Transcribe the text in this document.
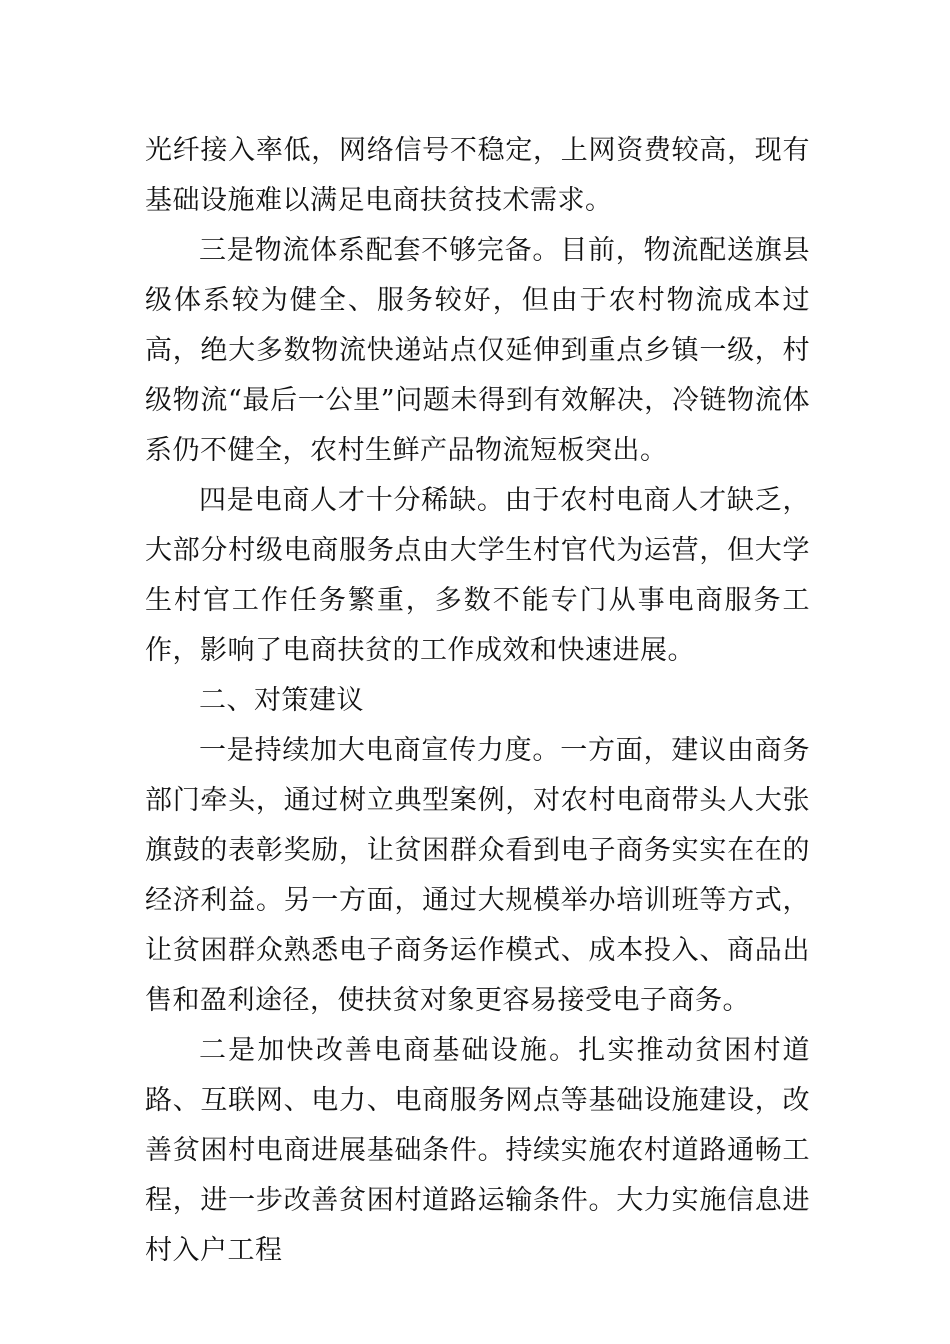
光纤接入率低，网络信号不稳定，上网资费较高，现有基础设施难以满足电商扶贫技术需求。

三是物流体系配套不够完备。目前，物流配送旗县级体系较为健全、服务较好，但由于农村物流成本过高，绝大多数物流快递站点仅延伸到重点乡镇一级，村级物流“最后一公里”问题未得到有效解决，冷链物流体系仍不健全，农村生鲜产品物流短板突出。

四是电商人才十分稀缺。由于农村电商人才缺乏，大部分村级电商服务点由大学生村官代为运营，但大学生村官工作任务繁重，多数不能专门从事电商服务工作，影响了电商扶贫的工作成效和快速进展。

二、对策建议

一是持续加大电商宣传力度。一方面，建议由商务部门牵头，通过树立典型案例，对农村电商带头人大张旗鼓的表彰奖励，让贫困群众看到电子商务实实在在的经济利益。另一方面，通过大规模举办培训班等方式，让贫困群众熟悉电子商务运作模式、成本投入、商品出售和盈利途径，使扶贫对象更容易接受电子商务。

二是加快改善电商基础设施。扎实推动贫困村道路、互联网、电力、电商服务网点等基础设施建设，改善贫困村电商进展基础条件。持续实施农村道路通畅工程，进一步改善贫困村道路运输条件。大力实施信息进村入户工程
